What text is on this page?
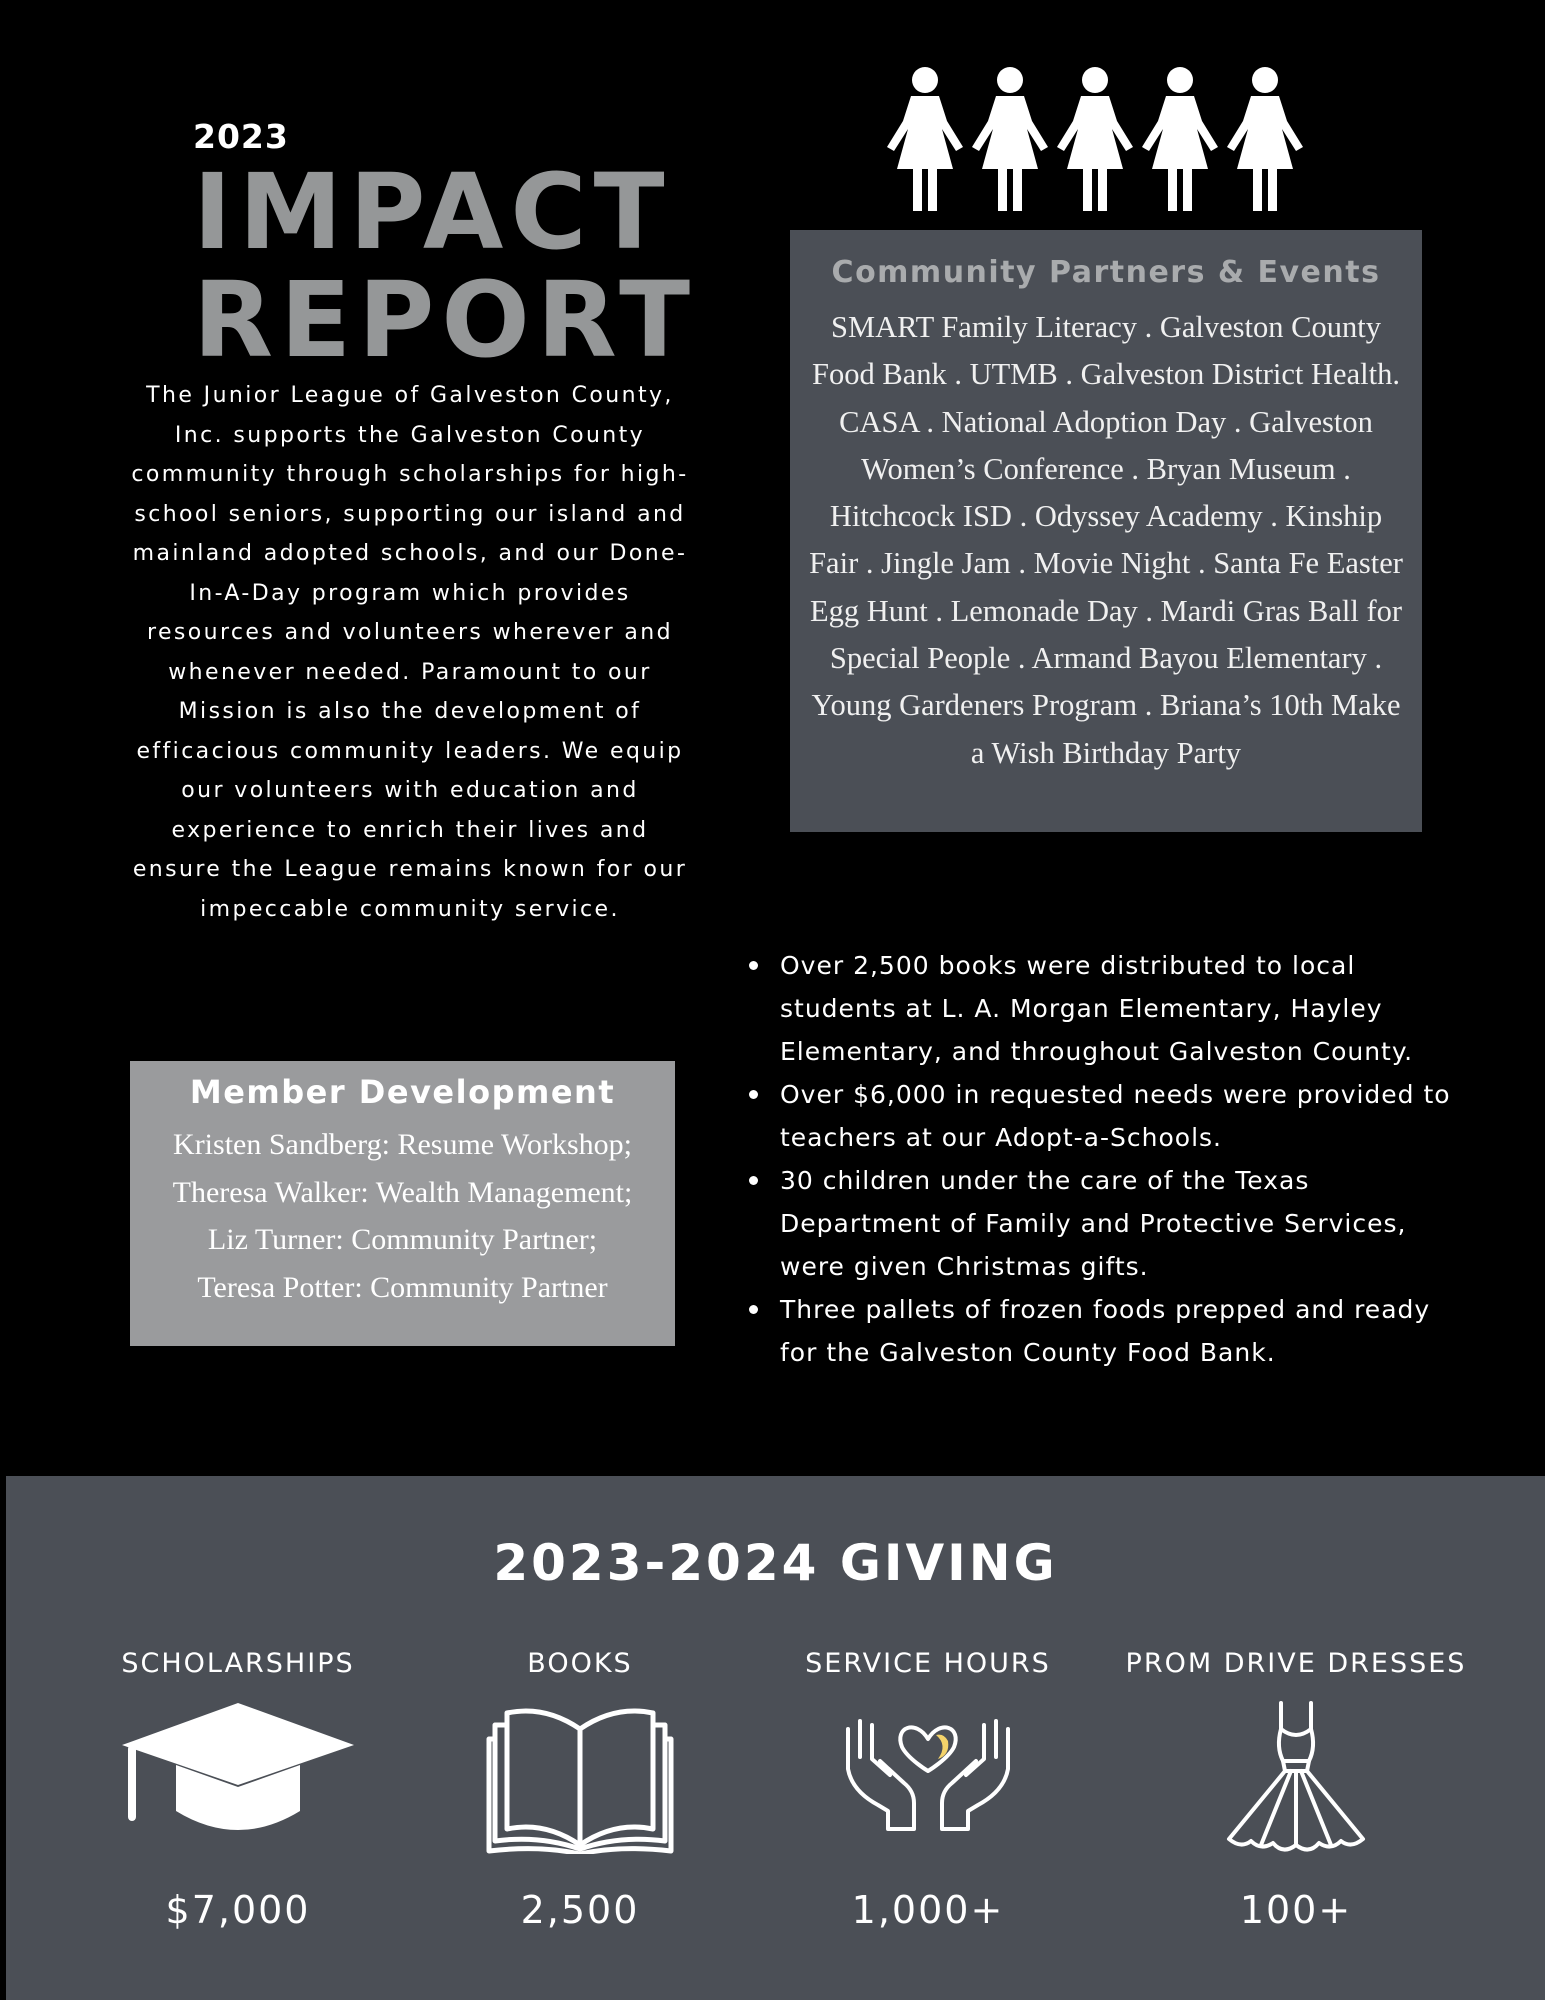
2023
IMPACT
REPORT
The Junior League of Galveston County, Inc. supports the Galveston County community through scholarships for high-school seniors, supporting our island and mainland adopted schools, and our Done-In-A-Day program which provides resources and volunteers wherever and whenever needed. Paramount to our Mission is also the development of efficacious community leaders. We equip our volunteers with education and experience to enrich their lives and ensure the League remains known for our impeccable community service.
Community Partners & Events
SMART Family Literacy . Galveston County Food Bank . UTMB . Galveston District Health. CASA . National Adoption Day . Galveston Women’s Conference . Bryan Museum . Hitchcock ISD . Odyssey Academy . Kinship Fair . Jingle Jam . Movie Night . Santa Fe Easter Egg Hunt . Lemonade Day . Mardi Gras Ball for Special People . Armand Bayou Elementary . Young Gardeners Program . Briana’s 10th Make a Wish Birthday Party
Member Development
Kristen Sandberg: Resume Workshop;
Theresa Walker: Wealth Management;
Liz Turner: Community Partner;
Teresa Potter: Community Partner
Over 2,500 books were distributed to local students at L. A. Morgan Elementary, Hayley Elementary, and throughout Galveston County.
Over $6,000 in requested needs were provided to teachers at our Adopt-a-Schools.
30 children under the care of the Texas Department of Family and Protective Services, were given Christmas gifts.
Three pallets of frozen foods prepped and ready for the Galveston County Food Bank.
2023-2024 GIVING
SCHOLARSHIPS
$7,000
BOOKS
2,500
SERVICE HOURS
1,000+
PROM DRIVE DRESSES
100+
